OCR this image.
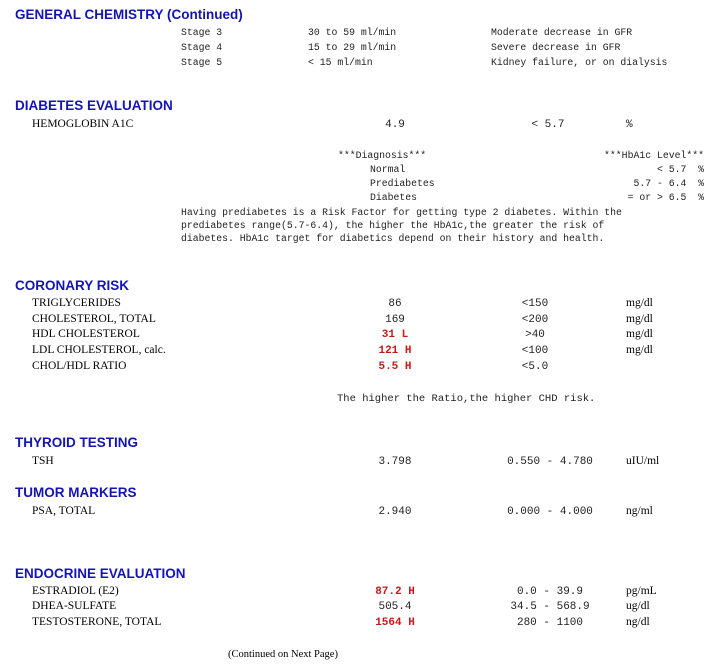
GENERAL CHEMISTRY (Continued)
Stage 3	30 to 59 ml/min	Moderate decrease in GFR
Stage 4	15 to 29 ml/min	Severe decrease in GFR
Stage 5	< 15 ml/min	Kidney failure, or on dialysis
DIABETES EVALUATION
HEMOGLOBIN A1C	4.9	< 5.7	%
***Diagnosis***	***HbA1c Level***
Normal	< 5.7  %
Prediabetes	5.7 - 6.4  %
Diabetes	= or > 6.5  %
Having prediabetes is a Risk Factor for getting type 2 diabetes. Within the
prediabetes range(5.7-6.4), the higher the HbA1c,the greater the risk of
diabetes. HbA1c target for diabetics depend on their history and health.
CORONARY RISK
TRIGLYCERIDES	86	<150	mg/dl
CHOLESTEROL, TOTAL	169	<200	mg/dl
HDL CHOLESTEROL	31 L	>40	mg/dl
LDL CHOLESTEROL, calc.	121 H	<100	mg/dl
CHOL/HDL RATIO	5.5 H	<5.0
The higher the Ratio,the higher CHD risk.
THYROID TESTING
TSH	3.798	0.550 - 4.780	uIU/ml
TUMOR MARKERS
PSA, TOTAL	2.940	0.000 - 4.000	ng/ml
ENDOCRINE EVALUATION
ESTRADIOL (E2)	87.2 H	0.0 - 39.9	pg/mL
DHEA-SULFATE	505.4	34.5 - 568.9	ug/dl
TESTOSTERONE, TOTAL	1564 H	280 - 1100	ng/dl
(Continued on Next Page)
